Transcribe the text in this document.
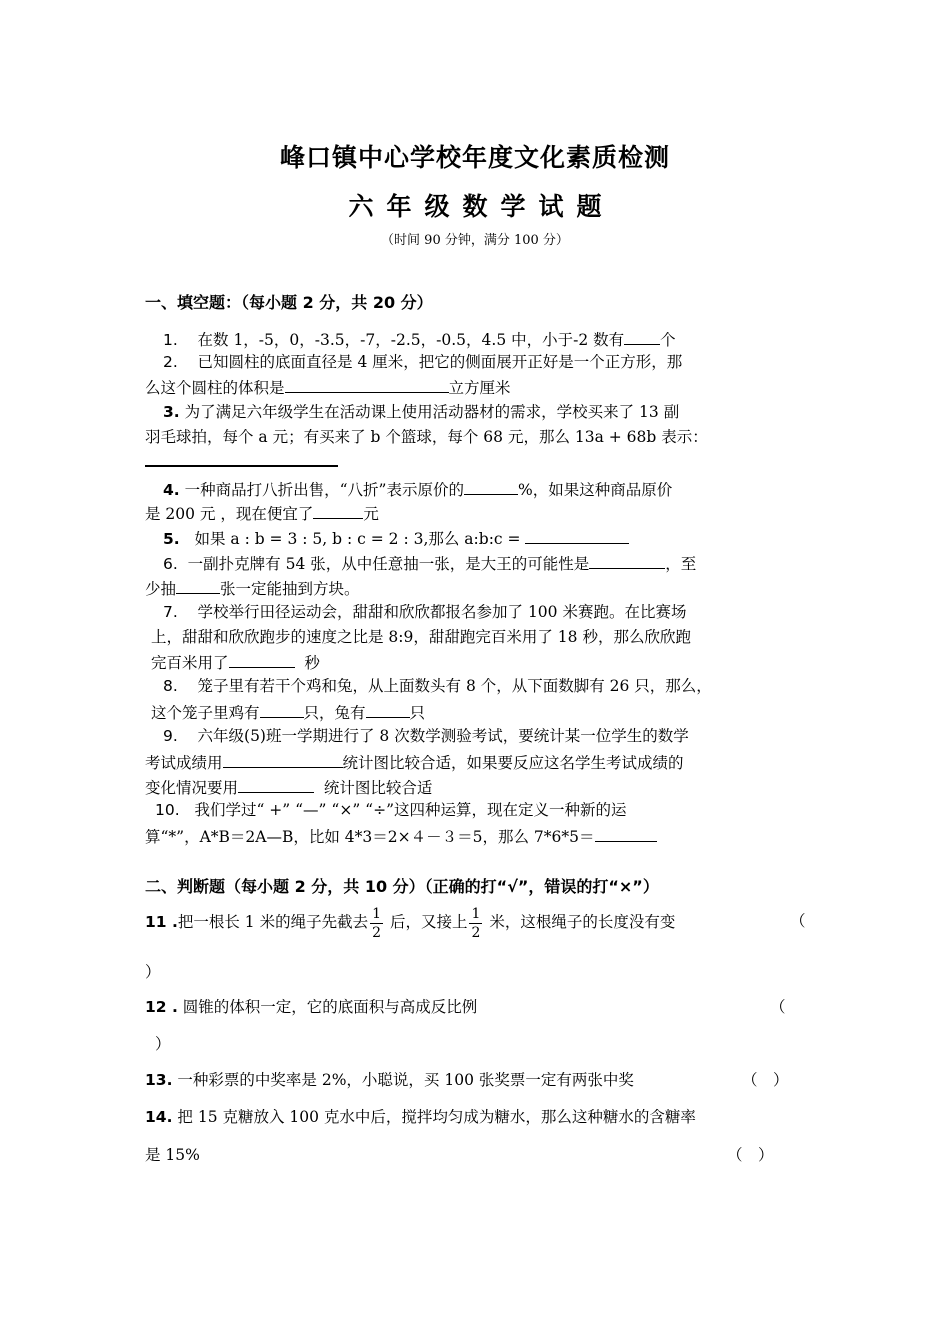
峰口镇中心学校年度文化素质检测
六年级数学试题
（时间 90 分钟，满分 100 分）
一、填空题：（每小题 2 分，共 20 分）
1. 在数 1，-5，0，-3.5，-7，-2.5，-0.5，4.5 中，小于-2 数有 个
2. 已知圆柱的底面直径是 4 厘米，把它的侧面展开正好是一个正方形，那
么这个圆柱的体积是	立方厘米
3. 为了满足六年级学生在活动课上使用活动器材的需求，学校买来了 13 副
羽毛球拍，每个 a 元；有买来了 b 个篮球，每个 68 元，那么 13a + 68b 表示：
4. 一种商品打八折出售，“八折”表示原价的	%，如果这种商品原价
是 200 元 ，现在便宜了	元
5. 如果 a : b = 3 : 5, b : c = 2 : 3,那么 a:b:c =
6. 一副扑克牌有 54 张，从中任意抽一张，是大王的可能性是	，至
少抽	张一定能抽到方块。
7. 学校举行田径运动会，甜甜和欣欣都报名参加了 100 米赛跑。在比赛场
上，甜甜和欣欣跑步的速度之比是 8:9，甜甜跑完百米用了 18 秒，那么欣欣跑
完百米用了	秒
8. 笼子里有若干个鸡和兔，从上面数头有 8 个，从下面数脚有 26 只，那么，
这个笼子里鸡有	只，兔有	只
9. 六年级(5)班一学期进行了 8 次数学测验考试，要统计某一位学生的数学
考试成绩用	统计图比较合适，如果要反应这名学生考试成绩的
变化情况要用	统计图比较合适
10. 我们学过“ +” “—” “×” “÷”这四种运算，现在定义一种新的运
算“*”，A*B＝2A—B，比如 4*3＝2×４－３＝5，那么 7*6*5＝
二、判断题（每小题 2 分，共 10 分）（正确的打“√”，错误的打“×”）
11 .把一根长 1 米的绳子先截去 $\frac{1}{2}$ 后，又接上 $\frac{1}{2}$ 米，这根绳子的长度没有变	（
）
12 . 圆锥的体积一定，它的底面积与高成反比例	（
）
13. 一种彩票的中奖率是 2%，小聪说，买 100 张奖票一定有两张中奖	（　）
14. 把 15 克糖放入 100 克水中后，搅拌均匀成为糖水，那么这种糖水的含糖率
是 15%	（　）
